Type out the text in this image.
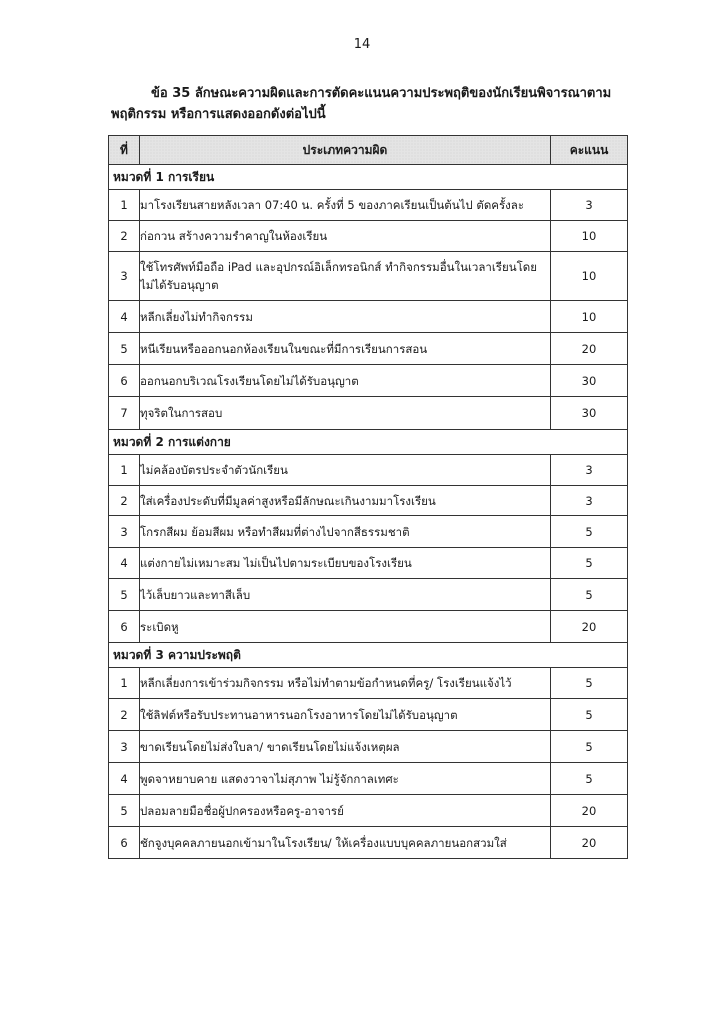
14
ข้อ 35 ลักษณะความผิดและการตัดคะแนนความประพฤติของนักเรียนพิจารณาตาม
พฤติกรรม หรือการแสดงออกดังต่อไปนี้
ที่	ประเภทความผิด	คะแนน
หมวดที่ 1 การเรียน		
1	มาโรงเรียนสายหลังเวลา 07:40 น. ครั้งที่ 5 ของภาคเรียนเป็นต้นไป ตัดครั้งละ	3
2	ก่อกวน สร้างความรำคาญในห้องเรียน	10
3	ใช้โทรศัพท์มือถือ iPad และอุปกรณ์อิเล็กทรอนิกส์ ทำกิจกรรมอื่นในเวลาเรียนโดยไม่ได้รับอนุญาต	10
4	หลีกเลี่ยงไม่ทำกิจกรรม	10
5	หนีเรียนหรือออกนอกห้องเรียนในขณะที่มีการเรียนการสอน	20
6	ออกนอกบริเวณโรงเรียนโดยไม่ได้รับอนุญาต	30
7	ทุจริตในการสอบ	30
หมวดที่ 2 การแต่งกาย		
1	ไม่คล้องบัตรประจำตัวนักเรียน	3
2	ใส่เครื่องประดับที่มีมูลค่าสูงหรือมีลักษณะเกินงามมาโรงเรียน	3
3	โกรกสีผม ย้อมสีผม หรือทำสีผมที่ต่างไปจากสีธรรมชาติ	5
4	แต่งกายไม่เหมาะสม ไม่เป็นไปตามระเบียบของโรงเรียน	5
5	ไว้เล็บยาวและทาสีเล็บ	5
6	ระเบิดหู	20
หมวดที่ 3 ความประพฤติ		
1	หลีกเลี่ยงการเข้าร่วมกิจกรรม หรือไม่ทำตามข้อกำหนดที่ครู/ โรงเรียนแจ้งไว้	5
2	ใช้ลิฟต์หรือรับประทานอาหารนอกโรงอาหารโดยไม่ได้รับอนุญาต	5
3	ขาดเรียนโดยไม่ส่งใบลา/ ขาดเรียนโดยไม่แจ้งเหตุผล	5
4	พูดจาหยาบคาย แสดงวาจาไม่สุภาพ ไม่รู้จักกาลเทศะ	5
5	ปลอมลายมือชื่อผู้ปกครองหรือครู-อาจารย์	20
6	ชักจูงบุคคลภายนอกเข้ามาในโรงเรียน/ ให้เครื่องแบบบุคคลภายนอกสวมใส่	20
